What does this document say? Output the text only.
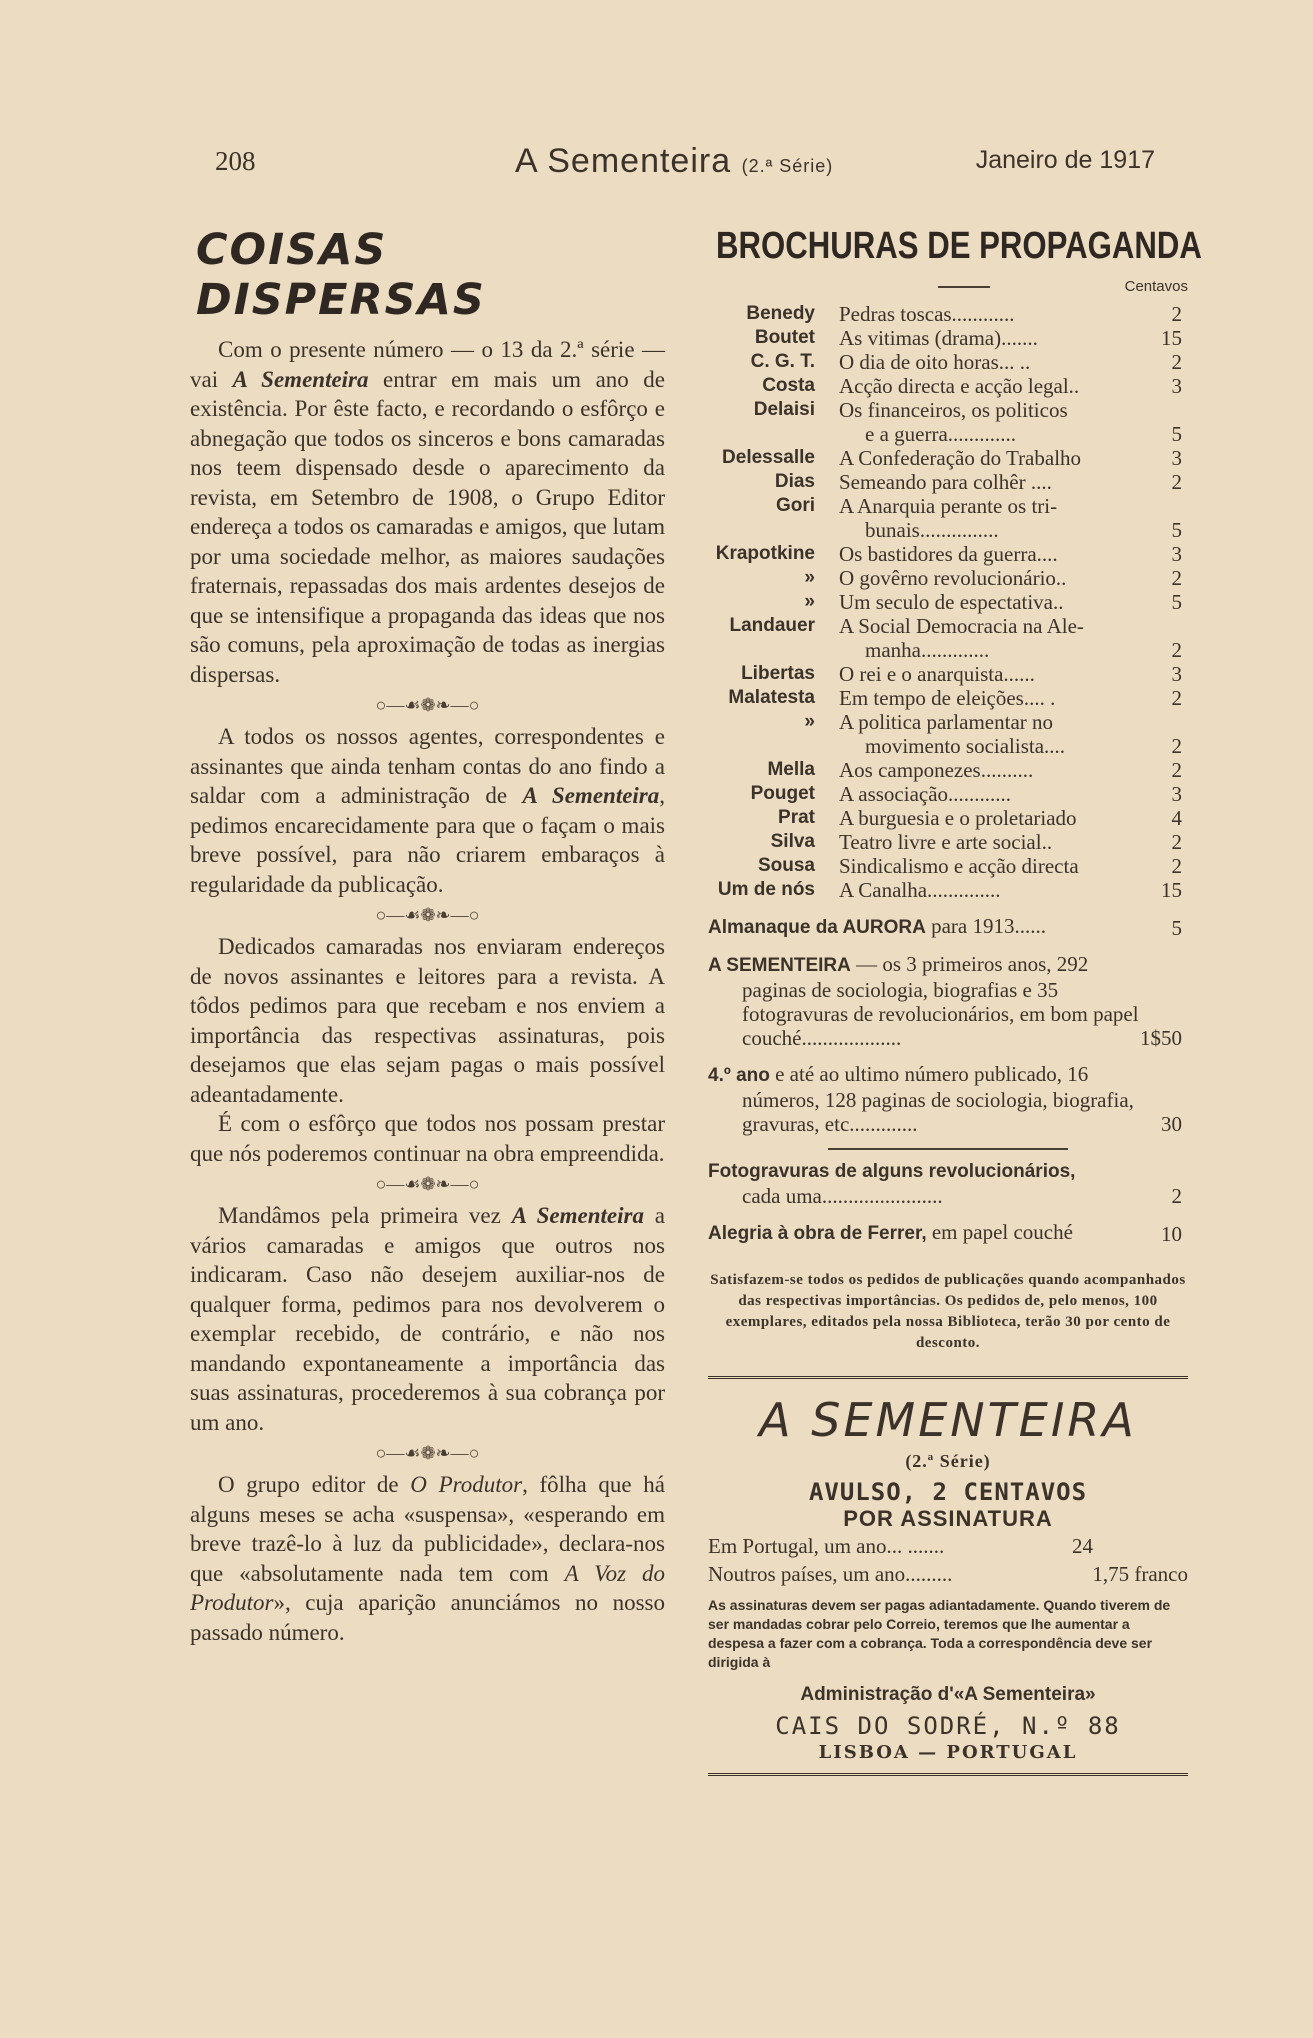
208	A Sementeira (2.ª Série)	Janeiro de 1917
COISAS DISPERSAS

Com o presente número — o 13 da 2.ª série — vai A Sementeira entrar em mais um ano de existência. Por êste facto, e recordando o esfôrço e abnegação que todos os sinceros e bons camaradas nos teem dispensado desde o aparecimento da revista, em Setembro de 1908, o Grupo Editor endereça a todos os camaradas e amigos, que lutam por uma sociedade melhor, as maiores saudações fraternais, repassadas dos mais ardentes desejos de que se intensifique a propaganda das ideas que nos são comuns, pela aproximação de todas as inergias dispersas.

○—☙❁❧—○

A todos os nossos agentes, correspondentes e assinantes que ainda tenham contas do ano findo a saldar com a administração de A Sementeira, pedimos encarecidamente para que o façam o mais breve possível, para não criarem embaraços à regularidade da publicação.

○—☙❁❧—○

Dedicados camaradas nos enviaram endereços de novos assinantes e leitores para a revista. A tôdos pedimos para que recebam e nos enviem a importância das respectivas assinaturas, pois desejamos que elas sejam pagas o mais possível adeantadamente.

É com o esfôrço que todos nos possam prestar que nós poderemos continuar na obra empreendida.

○—☙❁❧—○

Mandâmos pela primeira vez A Sementeira a vários camaradas e amigos que outros nos indicaram. Caso não desejem auxiliar-nos de qualquer forma, pedimos para nos devolverem o exemplar recebido, de contrário, e não nos mandando expontaneamente a importância das suas assinaturas, procederemos à sua cobrança por um ano.

○—☙❁❧—○

O grupo editor de O Produtor, fôlha que há alguns meses se acha «suspensa», «esperando em breve trazê-lo à luz da publicidade», declara-nos que «absolutamente nada tem com A Voz do Produtor», cuja aparição anunciámos no nosso passado número.

BROCHURAS DE PROPAGANDA
Centavos
Benedy Pedras toscas............	2
Boutet As vitimas (drama).......	15
C. G. T. O dia de oito horas... ..	2
Costa Acção directa e acção legal..	3
Delaisi Os financeiros, os politicos
e a guerra.............	5
Delessalle A Confederação do Trabalho	3
Dias Semeando para colhêr ....	2
Gori A Anarquia perante os tri-
bunais...............	5
Krapotkine Os bastidores da guerra....	3
» O govêrno revolucionário..	2
» Um seculo de espectativa..	5
Landauer A Social Democracia na Ale-
manha.............	2
Libertas O rei e o anarquista......	3
Malatesta Em tempo de eleições.... .	2
» A politica parlamentar no
movimento socialista....	2
Mella Aos camponezes..........	2
Pouget A associação............	3
Prat A burguesia e o proletariado	4
Silva Teatro livre e arte social..	2
Sousa Sindicalismo e acção directa	2
Um de nós A Canalha..............	15
Almanaque da AURORA para 1913......	5
A SEMENTEIRA — os 3 primeiros anos, 292 paginas de sociologia, biografias e 35 fotogravuras de revolucionários, em bom papel couché...................	1$50
4.º ano e até ao ultimo número publicado, 16 números, 128 paginas de sociologia, biografia, gravuras, etc.............	30
Fotogravuras de alguns revolucionários,
cada uma.......................	2
Alegria à obra de Ferrer, em papel couché	10
Satisfazem-se todos os pedidos de publicações quando acompanhados das respectivas importâncias. Os pedidos de, pelo menos, 100 exemplares, editados pela nossa Biblioteca, terão 30 por cento de desconto.
A SEMENTEIRA
(2.ª Série)
AVULSO, 2 CENTAVOS
POR ASSINATURA
Em Portugal, um ano... .......	24
Noutros países, um ano.........	1,75 franco
As assinaturas devem ser pagas adiantadamente. Quando tiverem de ser mandadas cobrar pelo Correio, teremos que lhe aumentar a despesa a fazer com a cobrança. Toda a correspondência deve ser dirigida à
Administração d'«A Sementeira»
CAIS DO SODRÉ, N.º 88
LISBOA — PORTUGAL
